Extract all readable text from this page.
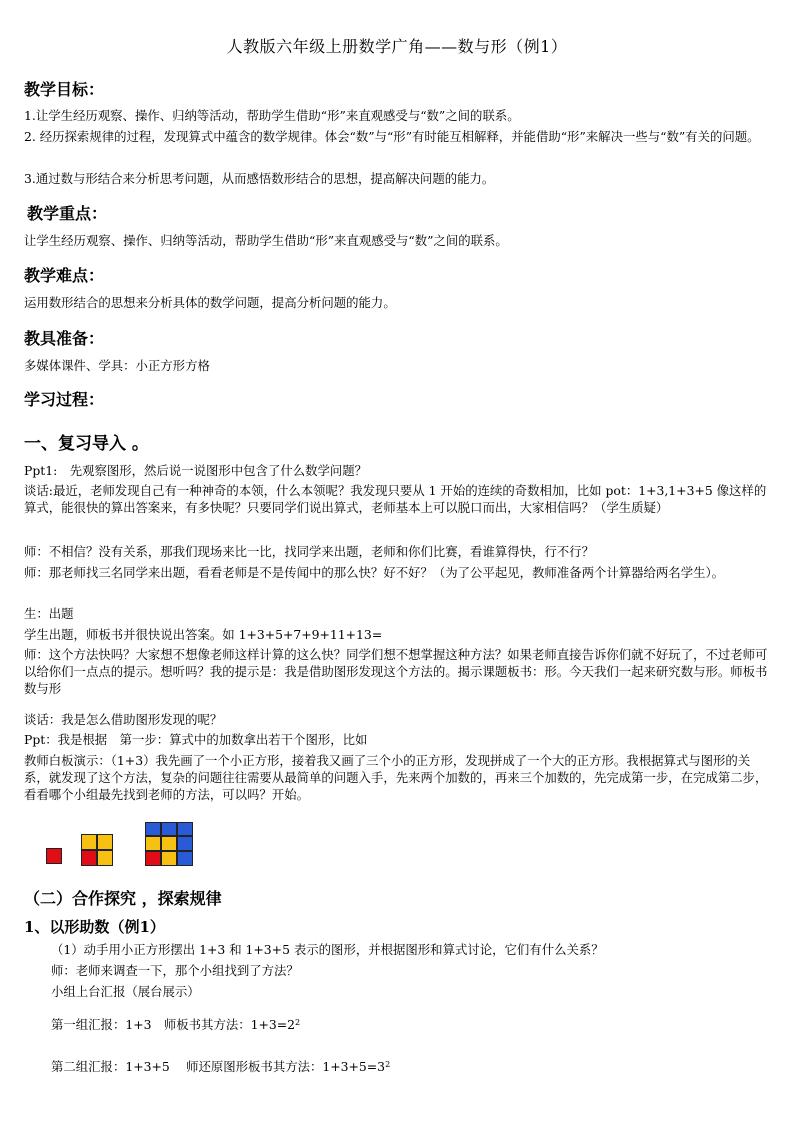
人教版六年级上册数学广角——数与形（例1）
教学目标：
1.让学生经历观察、操作、归纳等活动，帮助学生借助“形”来直观感受与“数”之间的联系。
2. 经历探索规律的过程，发现算式中蕴含的数学规律。体会“数”与“形”有时能互相解释，并能借助“形”来解决一些与“数”有关的问题。
3.通过数与形结合来分析思考问题，从而感悟数形结合的思想，提高解决问题的能力。
教学重点：
让学生经历观察、操作、归纳等活动，帮助学生借助“形”来直观感受与“数”之间的联系。
教学难点：
运用数形结合的思想来分析具体的数学问题，提高分析问题的能力。
教具准备：
多媒体课件、学具：小正方形方格
学习过程：
一、复习导入 。
Ppt1:　先观察图形，然后说一说图形中包含了什么数学问题？
谈话:最近，老师发现自己有一种神奇的本领，什么本领呢？我发现只要从 1 开始的连续的奇数相加，比如 pot：1+3,1+3+5 像这样的算式，能很快的算出答案来，有多快呢？只要同学们说出算式，老师基本上可以脱口而出，大家相信吗？（学生质疑）
师：不相信？没有关系，那我们现场来比一比，找同学来出题，老师和你们比赛，看谁算得快，行不行？
师：那老师找三名同学来出题，看看老师是不是传闻中的那么快？好不好？（为了公平起见，教师准备两个计算器给两名学生）。
生：出题
学生出题，师板书并很快说出答案。如 1+3+5+7+9+11+13=
师：这个方法快吗？大家想不想像老师这样计算的这么快？同学们想不想掌握这种方法？如果老师直接告诉你们就不好玩了，不过老师可以给你们一点点的提示。想听吗？我的提示是：我是借助图形发现这个方法的。揭示课题板书：形。今天我们一起来研究数与形。师板书　数与形
谈话：我是怎么借助图形发现的呢？
Ppt：我是根据　第一步：算式中的加数拿出若干个图形，比如
教师白板演示：（1+3）我先画了一个小正方形，接着我又画了三个小的正方形，发现拼成了一个大的正方形。我根据算式与图形的关系，就发现了这个方法，复杂的问题往往需要从最简单的问题入手，先来两个加数的，再来三个加数的，先完成第一步，在完成第二步，看看哪个小组最先找到老师的方法，可以吗？开始。
（二）合作探究 ，探索规律
1、以形助数（例1）
（1）动手用小正方形摆出 1+3 和 1+3+5 表示的图形，并根据图形和算式讨论，它们有什么关系？
师：老师来调查一下，那个小组找到了方法？
小组上台汇报（展台展示）
第一组汇报：1+3　师板书其方法：$1+3=2^2$
第二组汇报：1+3+5　 师还原图形板书其方法：$1+3+5=3^2$
